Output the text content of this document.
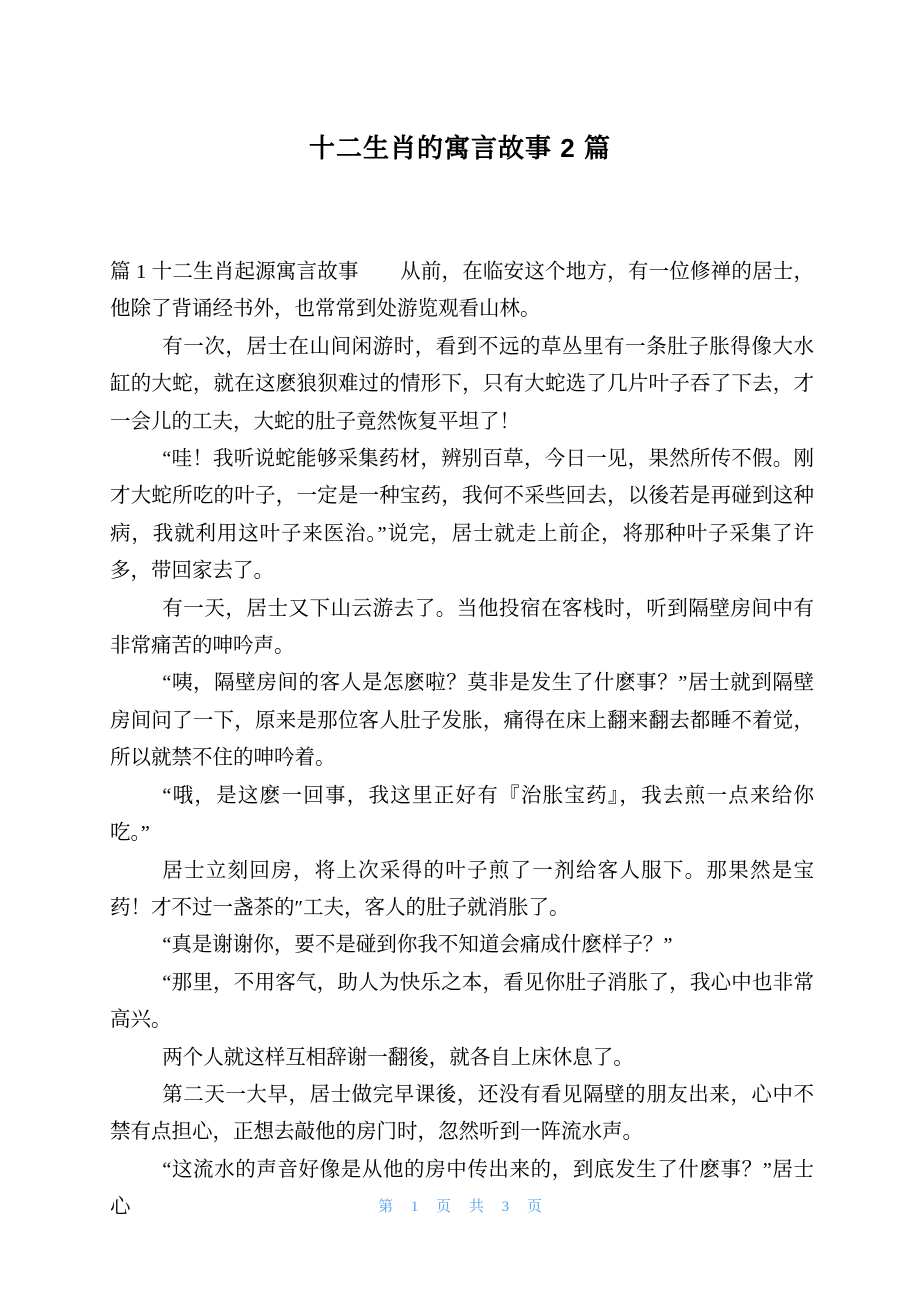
十二生肖的寓言故事 2 篇

篇 1 十二生肖起源寓言故事　　从前，在临安这个地方，有一位修禅的居士，他除了背诵经书外，也常常到处游览观看山林。

有一次，居士在山间闲游时，看到不远的草丛里有一条肚子胀得像大水缸的大蛇，就在这麽狼狈难过的情形下，只有大蛇选了几片叶子吞了下去，才一会儿的工夫，大蛇的肚子竟然恢复平坦了！

“哇！我听说蛇能够采集药材，辨别百草，今日一见，果然所传不假。刚才大蛇所吃的叶子，一定是一种宝药，我何不采些回去，以後若是再碰到这种病，我就利用这叶子来医治。”说完，居士就走上前企，将那种叶子采集了许多，带回家去了。

有一天，居士又下山云游去了。当他投宿在客栈时，听到隔壁房间中有非常痛苦的呻吟声。

“咦，隔壁房间的客人是怎麽啦？莫非是发生了什麽事？”居士就到隔壁房间问了一下，原来是那位客人肚子发胀，痛得在床上翻来翻去都睡不着觉，所以就禁不住的呻吟着。

“哦，是这麽一回事，我这里正好有『治胀宝药』，我去煎一点来给你吃。”

居士立刻回房，将上次采得的叶子煎了一剂给客人服下。那果然是宝药！才不过一盏茶的″工夫，客人的肚子就消胀了。

“真是谢谢你，要不是碰到你我不知道会痛成什麽样子？”

“那里，不用客气，助人为快乐之本，看见你肚子消胀了，我心中也非常高兴。

两个人就这样互相辞谢一翻後，就各自上床休息了。

第二天一大早，居士做完早课後，还没有看见隔壁的朋友出来，心中不禁有点担心，正想去敲他的房门时，忽然听到一阵流水声。

“这流水的声音好像是从他的房中传出来的，到底发生了什麽事？”居士心	第 1 页 共 3 页
